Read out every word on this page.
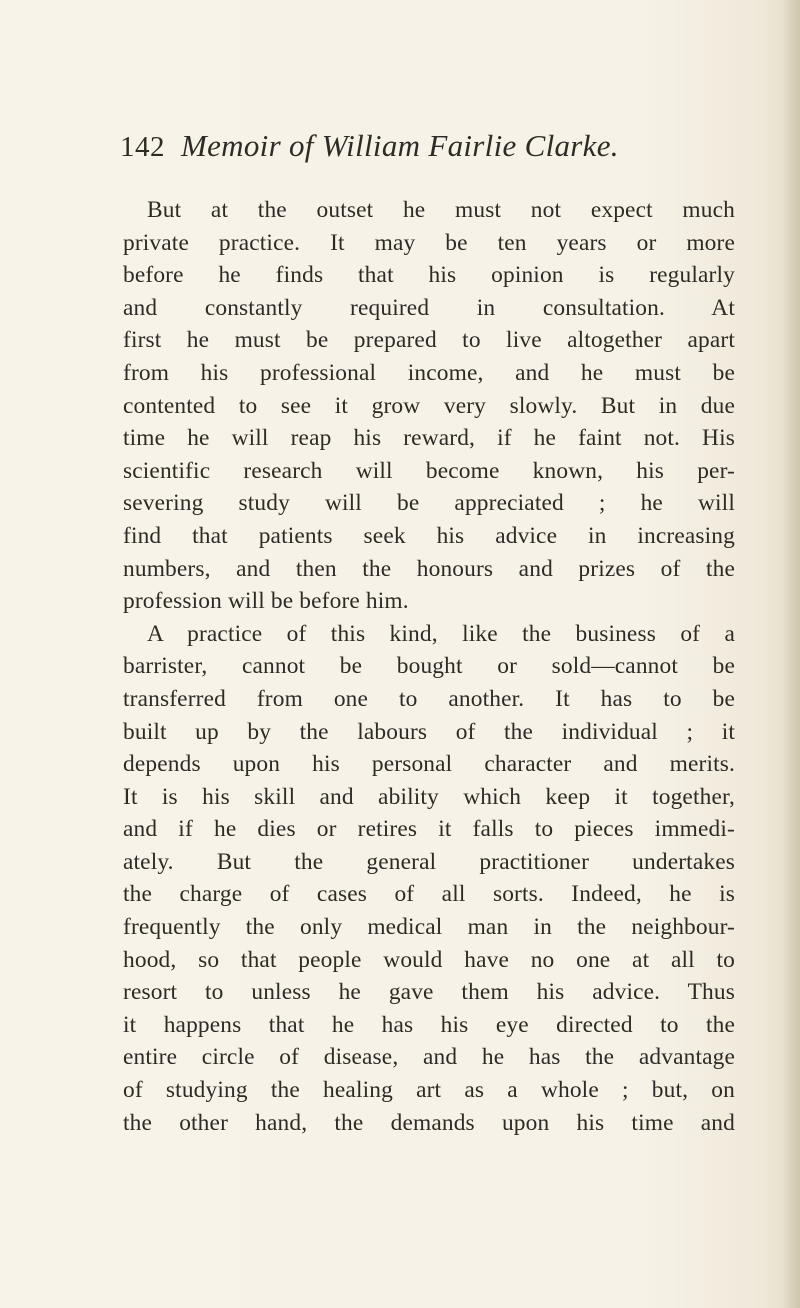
142 Memoir of William Fairlie Clarke.
But at the outset he must not expect much
private practice. It may be ten years or more
before he finds that his opinion is regularly
and constantly required in consultation. At
first he must be prepared to live altogether apart
from his professional income, and he must be
contented to see it grow very slowly. But in due
time he will reap his reward, if he faint not. His
scientific research will become known, his per-
severing study will be appreciated ; he will
find that patients seek his advice in increasing
numbers, and then the honours and prizes of the
profession will be before him.
A practice of this kind, like the business of a
barrister, cannot be bought or sold—cannot be
transferred from one to another. It has to be
built up by the labours of the individual ; it
depends upon his personal character and merits.
It is his skill and ability which keep it together,
and if he dies or retires it falls to pieces immedi-
ately. But the general practitioner undertakes
the charge of cases of all sorts. Indeed, he is
frequently the only medical man in the neighbour-
hood, so that people would have no one at all to
resort to unless he gave them his advice. Thus
it happens that he has his eye directed to the
entire circle of disease, and he has the advantage
of studying the healing art as a whole ; but, on
the other hand, the demands upon his time and
